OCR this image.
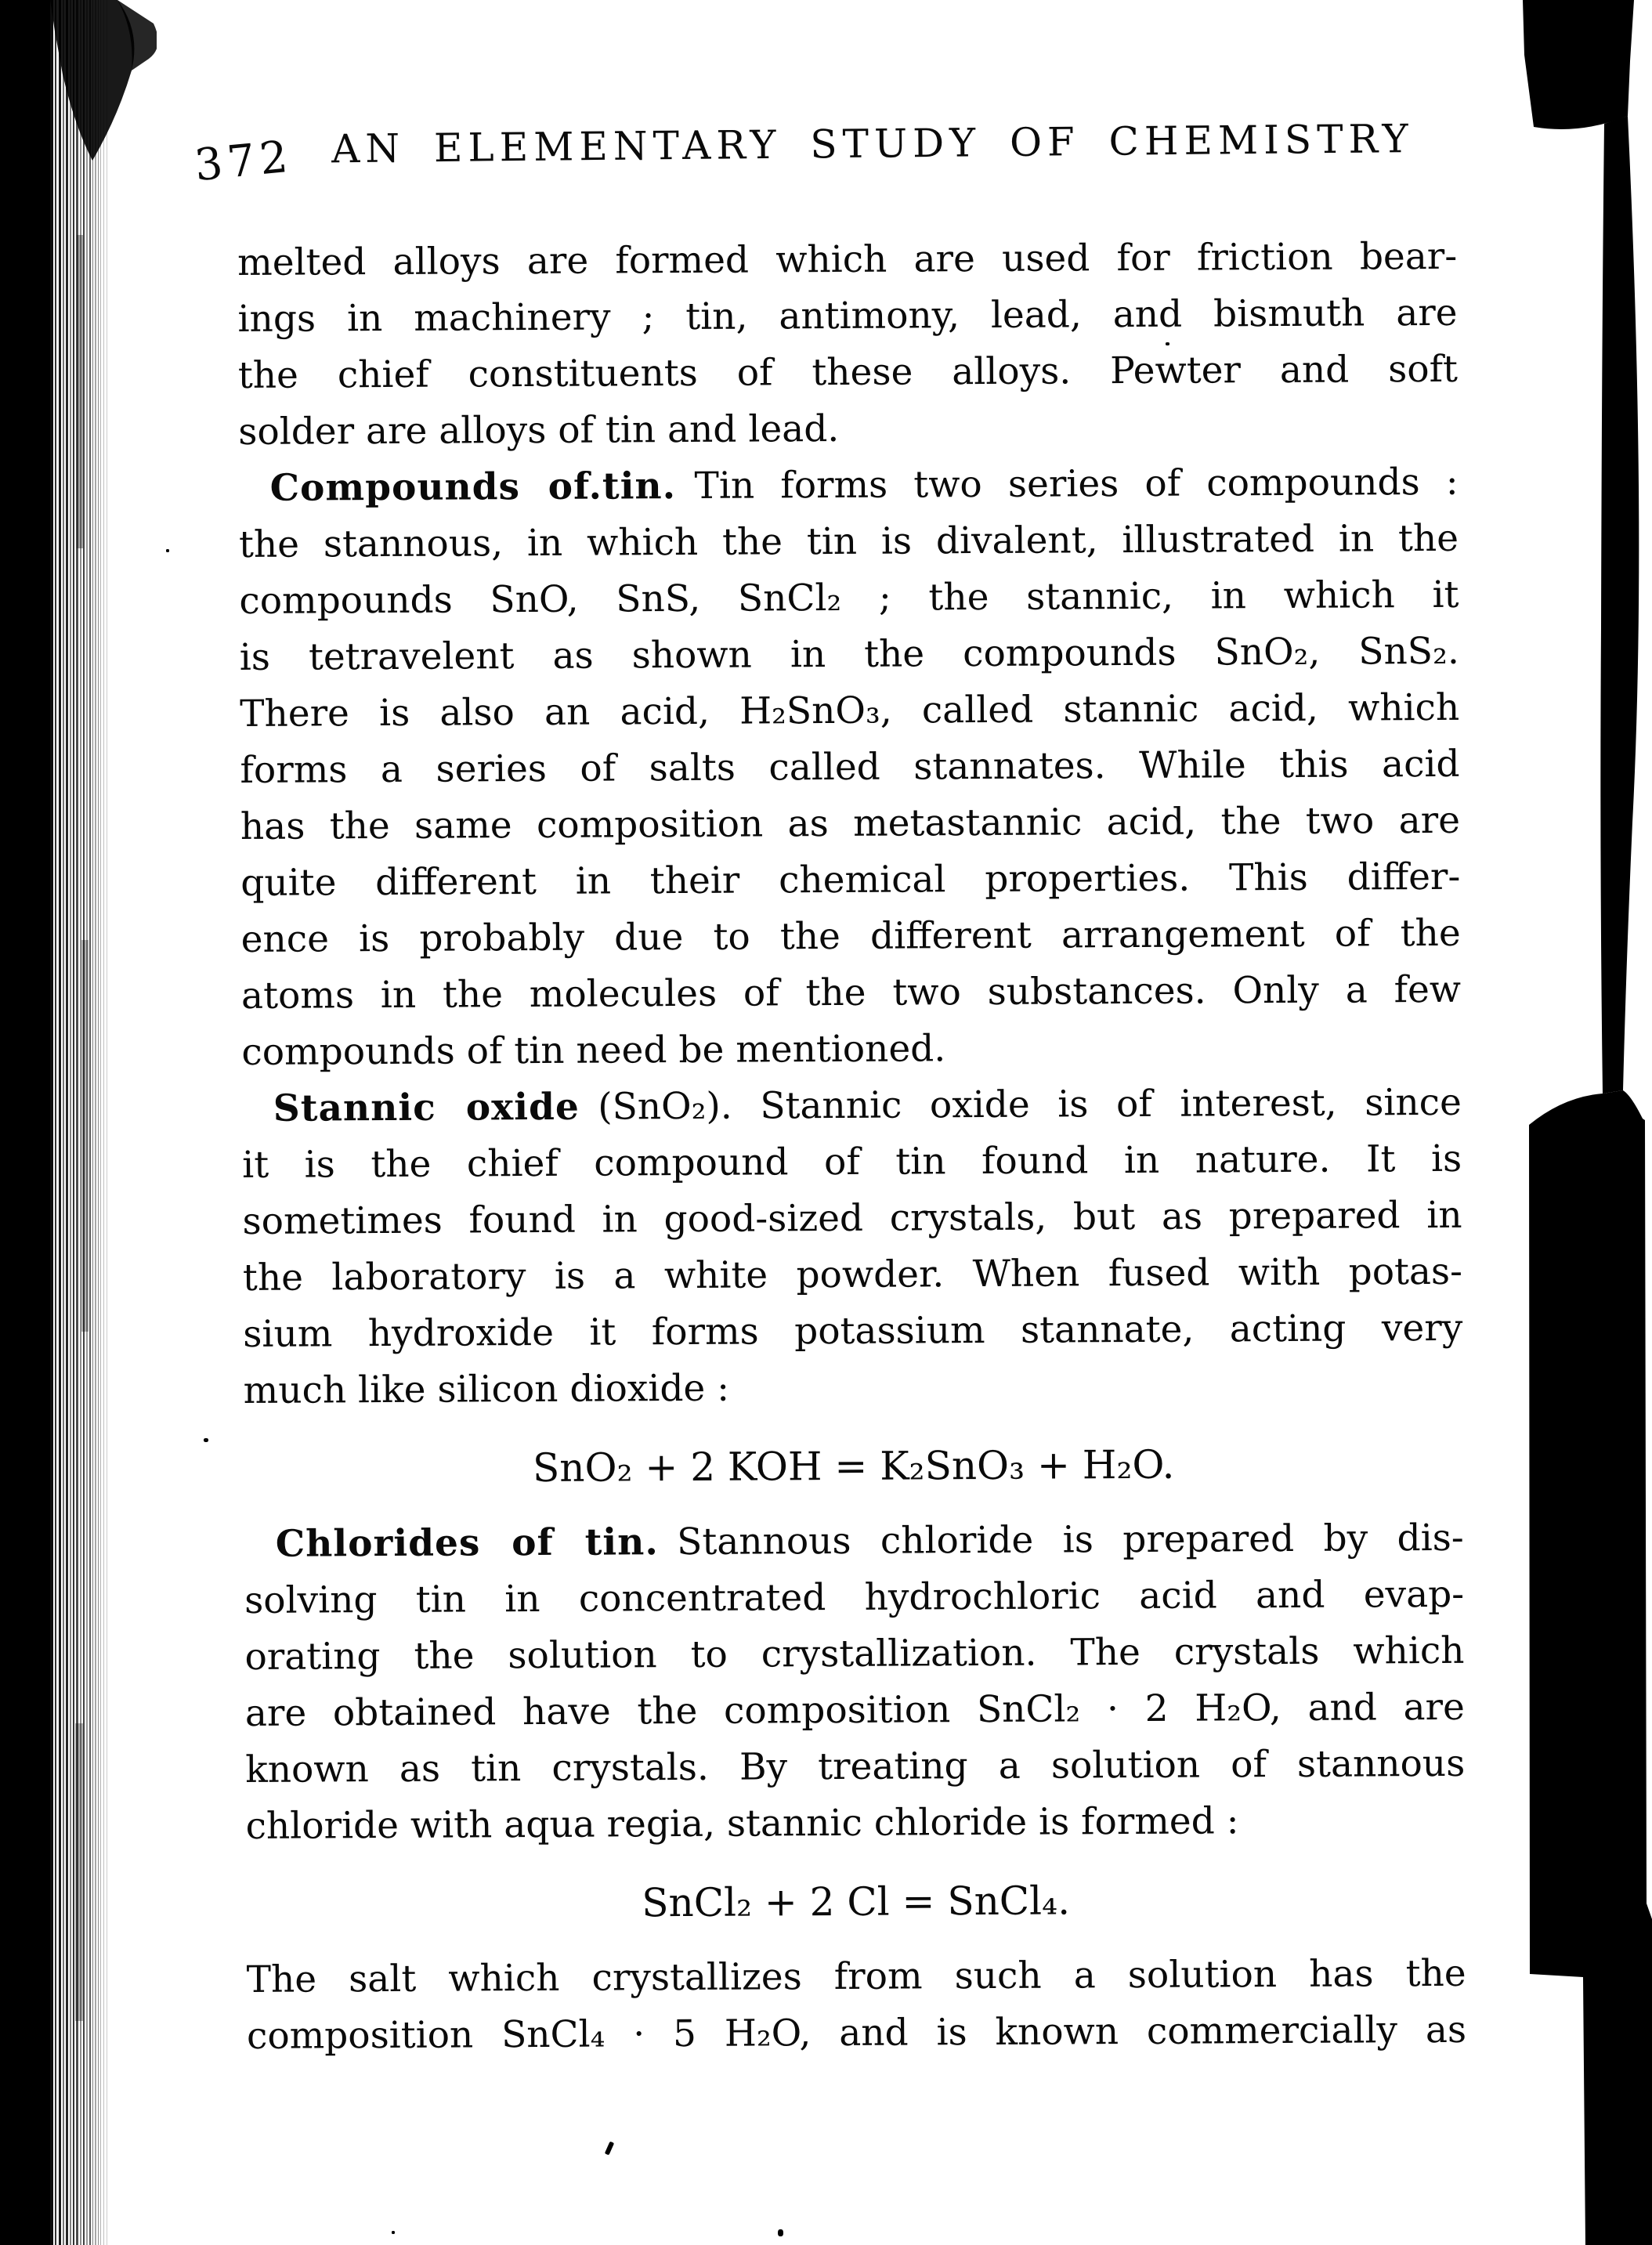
372 AN ELEMENTARY STUDY OF CHEMISTRY
melted alloys are formed which are used for friction bear-
ings in machinery ; tin, antimony, lead, and bismuth are
the chief constituents of these alloys. Pewter and soft
solder are alloys of tin and lead.
Compounds of.tin. Tin forms two series of compounds :
the stannous, in which the tin is divalent, illustrated in the
compounds SnO, SnS, SnCl₂ ; the stannic, in which it
is tetravelent as shown in the compounds SnO₂, SnS₂.
There is also an acid, H₂SnO₃, called stannic acid, which
forms a series of salts called stannates. While this acid
has the same composition as metastannic acid, the two are
quite different in their chemical properties. This differ-
ence is probably due to the different arrangement of the
atoms in the molecules of the two substances. Only a few
compounds of tin need be mentioned.
Stannic oxide (SnO₂). Stannic oxide is of interest, since
it is the chief compound of tin found in nature. It is
sometimes found in good-sized crystals, but as prepared in
the laboratory is a white powder. When fused with potas-
sium hydroxide it forms potassium stannate, acting very
much like silicon dioxide :
SnO₂ + 2 KOH = K₂SnO₃ + H₂O.
Chlorides of tin. Stannous chloride is prepared by dis-
solving tin in concentrated hydrochloric acid and evap-
orating the solution to crystallization. The crystals which
are obtained have the composition SnCl₂ · 2 H₂O, and are
known as tin crystals. By treating a solution of stannous
chloride with aqua regia, stannic chloride is formed :
SnCl₂ + 2 Cl = SnCl₄.
The salt which crystallizes from such a solution has the
composition SnCl₄ · 5 H₂O, and is known commercially as
